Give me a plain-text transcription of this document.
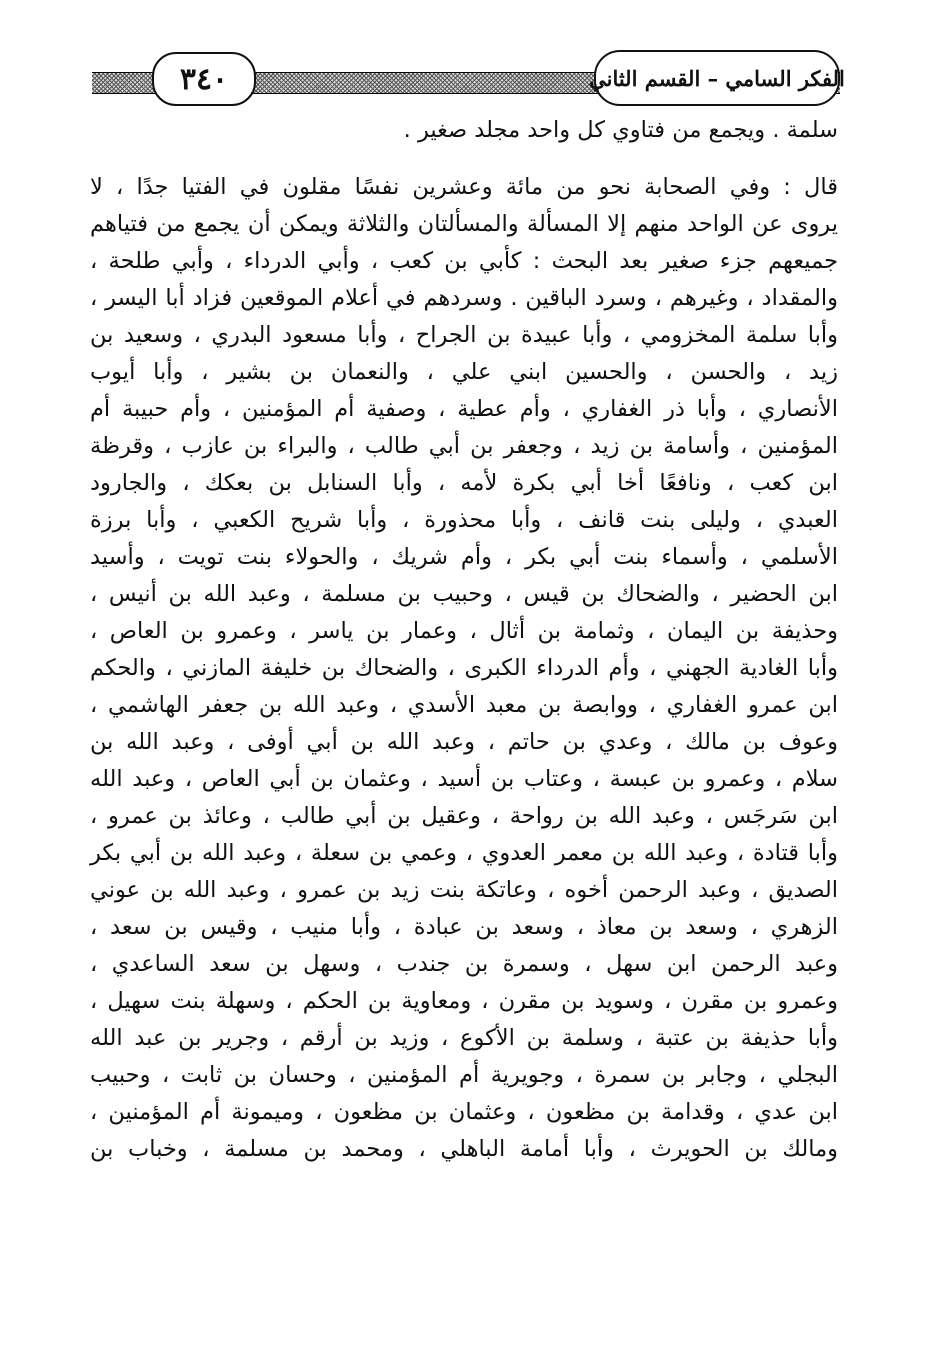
٣٤٠	الفكر السامي – القسم الثاني
سلمة . ويجمع من فتاوي كل واحد مجلد صغير .
قال : وفي الصحابة نحو من مائة وعشرين نفسًا مقلون في الفتيا جدًا ، لا
يروى عن الواحد منهم إلا المسألة والمسألتان والثلاثة ويمكن أن يجمع من فتياهم
جميعهم جزء صغير بعد البحث : كأبي بن كعب ، وأبي الدرداء ، وأبي طلحة ،
والمقداد ، وغيرهم ، وسرد الباقين . وسردهم في أعلام الموقعين فزاد أبا اليسر ،
وأبا سلمة المخزومي ، وأبا عبيدة بن الجراح ، وأبا مسعود البدري ، وسعيد بن
زيد ، والحسن ، والحسين ابني علي ، والنعمان بن بشير ، وأبا أيوب
الأنصاري ، وأبا ذر الغفاري ، وأم عطية ، وصفية أم المؤمنين ، وأم حبيبة أم
المؤمنين ، وأسامة بن زيد ، وجعفر بن أبي طالب ، والبراء بن عازب ، وقرظة
ابن كعب ، ونافعًا أخا أبي بكرة لأمه ، وأبا السنابل بن بعكك ، والجارود
العبدي ، وليلى بنت قانف ، وأبا محذورة ، وأبا شريح الكعبي ، وأبا برزة
الأسلمي ، وأسماء بنت أبي بكر ، وأم شريك ، والحولاء بنت تويت ، وأسيد
ابن الحضير ، والضحاك بن قيس ، وحبيب بن مسلمة ، وعبد الله بن أنيس ،
وحذيفة بن اليمان ، وثمامة بن أثال ، وعمار بن ياسر ، وعمرو بن العاص ،
وأبا الغادية الجهني ، وأم الدرداء الكبرى ، والضحاك بن خليفة المازني ، والحكم
ابن عمرو الغفاري ، ووابصة بن معبد الأسدي ، وعبد الله بن جعفر الهاشمي ،
وعوف بن مالك ، وعدي بن حاتم ، وعبد الله بن أبي أوفى ، وعبد الله بن
سلام ، وعمرو بن عبسة ، وعتاب بن أسيد ، وعثمان بن أبي العاص ، وعبد الله
ابن سَرجَس ، وعبد الله بن رواحة ، وعقيل بن أبي طالب ، وعائذ بن عمرو ،
وأبا قتادة ، وعبد الله بن معمر العدوي ، وعمي بن سعلة ، وعبد الله بن أبي بكر
الصديق ، وعبد الرحمن أخوه ، وعاتكة بنت زيد بن عمرو ، وعبد الله بن عوني
الزهري ، وسعد بن معاذ ، وسعد بن عبادة ، وأبا منيب ، وقيس بن سعد ،
وعبد الرحمن ابن سهل ، وسمرة بن جندب ، وسهل بن سعد الساعدي ،
وعمرو بن مقرن ، وسويد بن مقرن ، ومعاوية بن الحكم ، وسهلة بنت سهيل ،
وأبا حذيفة بن عتبة ، وسلمة بن الأكوع ، وزيد بن أرقم ، وجرير بن عبد الله
البجلي ، وجابر بن سمرة ، وجويرية أم المؤمنين ، وحسان بن ثابت ، وحبيب
ابن عدي ، وقدامة بن مظعون ، وعثمان بن مظعون ، وميمونة أم المؤمنين ،
ومالك بن الحويرث ، وأبا أمامة الباهلي ، ومحمد بن مسلمة ، وخباب بن
